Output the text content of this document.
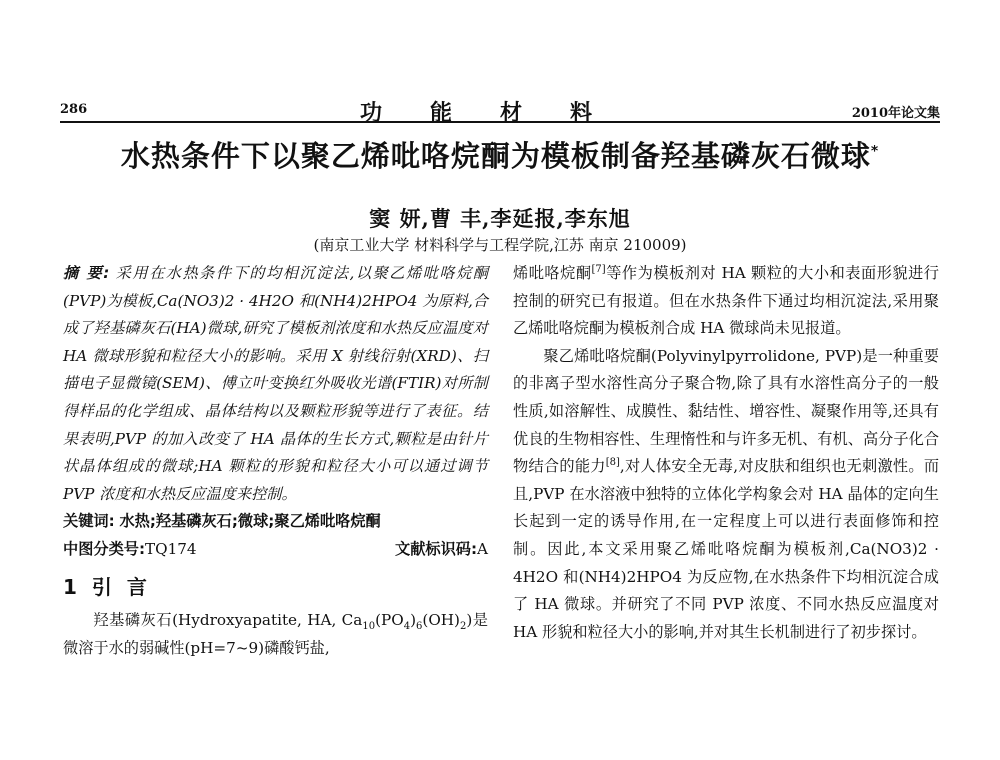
286	功能材料	2010年论文集
水热条件下以聚乙烯吡咯烷酮为模板制备羟基磷灰石微球*
窦 妍,曹 丰,李延报,李东旭
(南京工业大学 材料科学与工程学院,江苏 南京 210009)

摘 要: 采用在水热条件下的均相沉淀法,以聚乙烯吡咯烷酮(PVP)为模板,Ca(NO3)2 · 4H2O 和(NH4)2HPO4 为原料,合成了羟基磷灰石(HA)微球,研究了模板剂浓度和水热反应温度对 HA 微球形貌和粒径大小的影响。采用 X 射线衍射(XRD)、扫描电子显微镜(SEM)、傅立叶变换红外吸收光谱(FTIR)对所制得样品的化学组成、晶体结构以及颗粒形貌等进行了表征。结果表明,PVP 的加入改变了 HA 晶体的生长方式,颗粒是由针片状晶体组成的微球;HA 颗粒的形貌和粒径大小可以通过调节 PVP 浓度和水热反应温度来控制。

关键词: 水热;羟基磷灰石;微球;聚乙烯吡咯烷酮

中图分类号:TQ174	文献标识码:A

1 引 言

羟基磷灰石(Hydroxyapatite, HA, $Ca_{10}(PO_4)_6(OH)_2$)是微溶于水的弱碱性(pH=7~9)磷酸钙盐,

烯吡咯烷酮[7]等作为模板剂对 HA 颗粒的大小和表面形貌进行控制的研究已有报道。但在水热条件下通过均相沉淀法,采用聚乙烯吡咯烷酮为模板剂合成 HA 微球尚未见报道。

聚乙烯吡咯烷酮(Polyvinylpyrrolidone, PVP)是一种重要的非离子型水溶性高分子聚合物,除了具有水溶性高分子的一般性质,如溶解性、成膜性、黏结性、增容性、凝聚作用等,还具有优良的生物相容性、生理惰性和与许多无机、有机、高分子化合物结合的能力[8],对人体安全无毒,对皮肤和组织也无刺激性。而且,PVP 在水溶液中独特的立体化学构象会对 HA 晶体的定向生长起到一定的诱导作用,在一定程度上可以进行表面修饰和控制。因此,本文采用聚乙烯吡咯烷酮为模板剂,Ca(NO3)2 · 4H2O 和(NH4)2HPO4 为反应物,在水热条件下均相沉淀合成了 HA 微球。并研究了不同 PVP 浓度、不同水热反应温度对 HA 形貌和粒径大小的影响,并对其生长机制进行了初步探讨。
